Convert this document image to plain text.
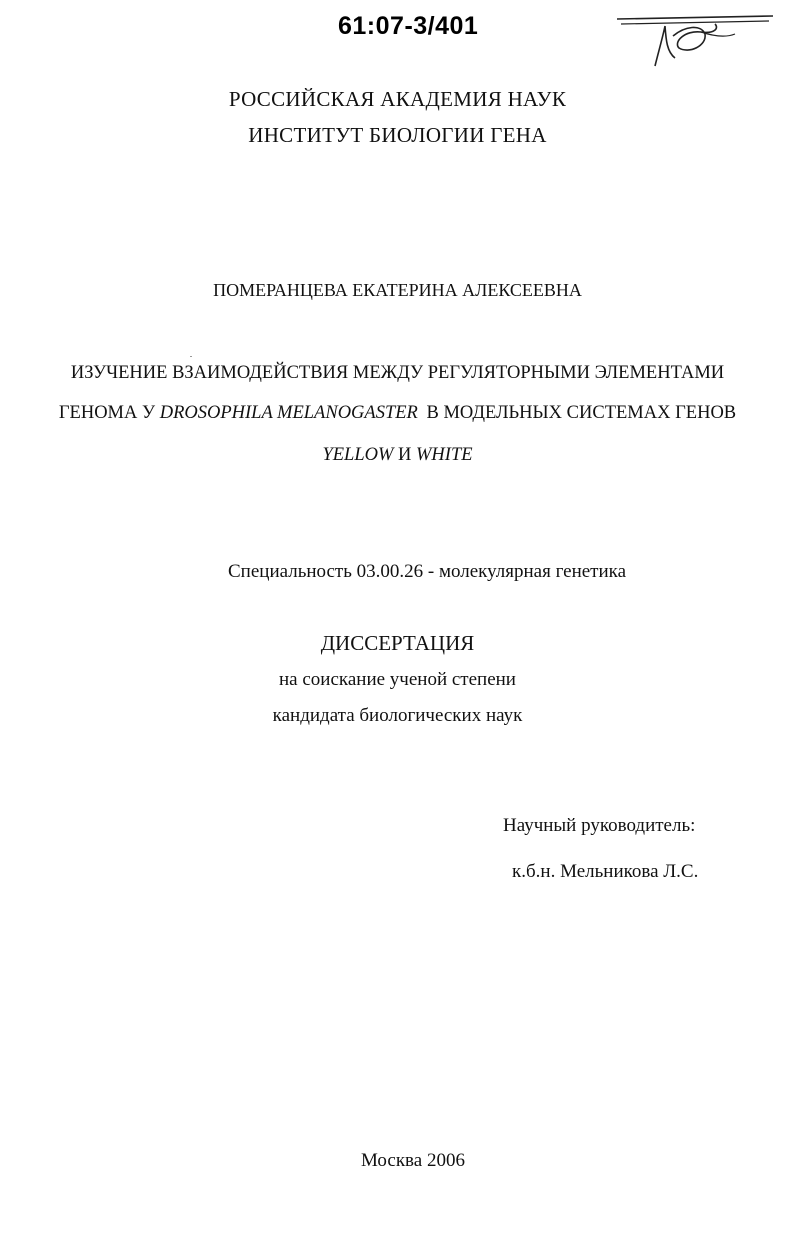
61:07-3/401
РОССИЙСКАЯ АКАДЕМИЯ НАУК
ИНСТИТУТ БИОЛОГИИ ГЕНА
ПОМЕРАНЦЕВА ЕКАТЕРИНА АЛЕКСЕЕВНА
ИЗУЧЕНИЕ ВЗАИМОДЕЙСТВИЯ МЕЖДУ РЕГУЛЯТОРНЫМИ ЭЛЕМЕНТАМИ
ГЕНОМА У DROSOPHILA MELANOGASTER В МОДЕЛЬНЫХ СИСТЕМАХ ГЕНОВ
YELLOW И WHITE
Специальность 03.00.26 - молекулярная генетика
ДИССЕРТАЦИЯ
на соискание ученой степени
кандидата биологических наук
Научный руководитель:
к.б.н. Мельникова Л.С.
Москва 2006
